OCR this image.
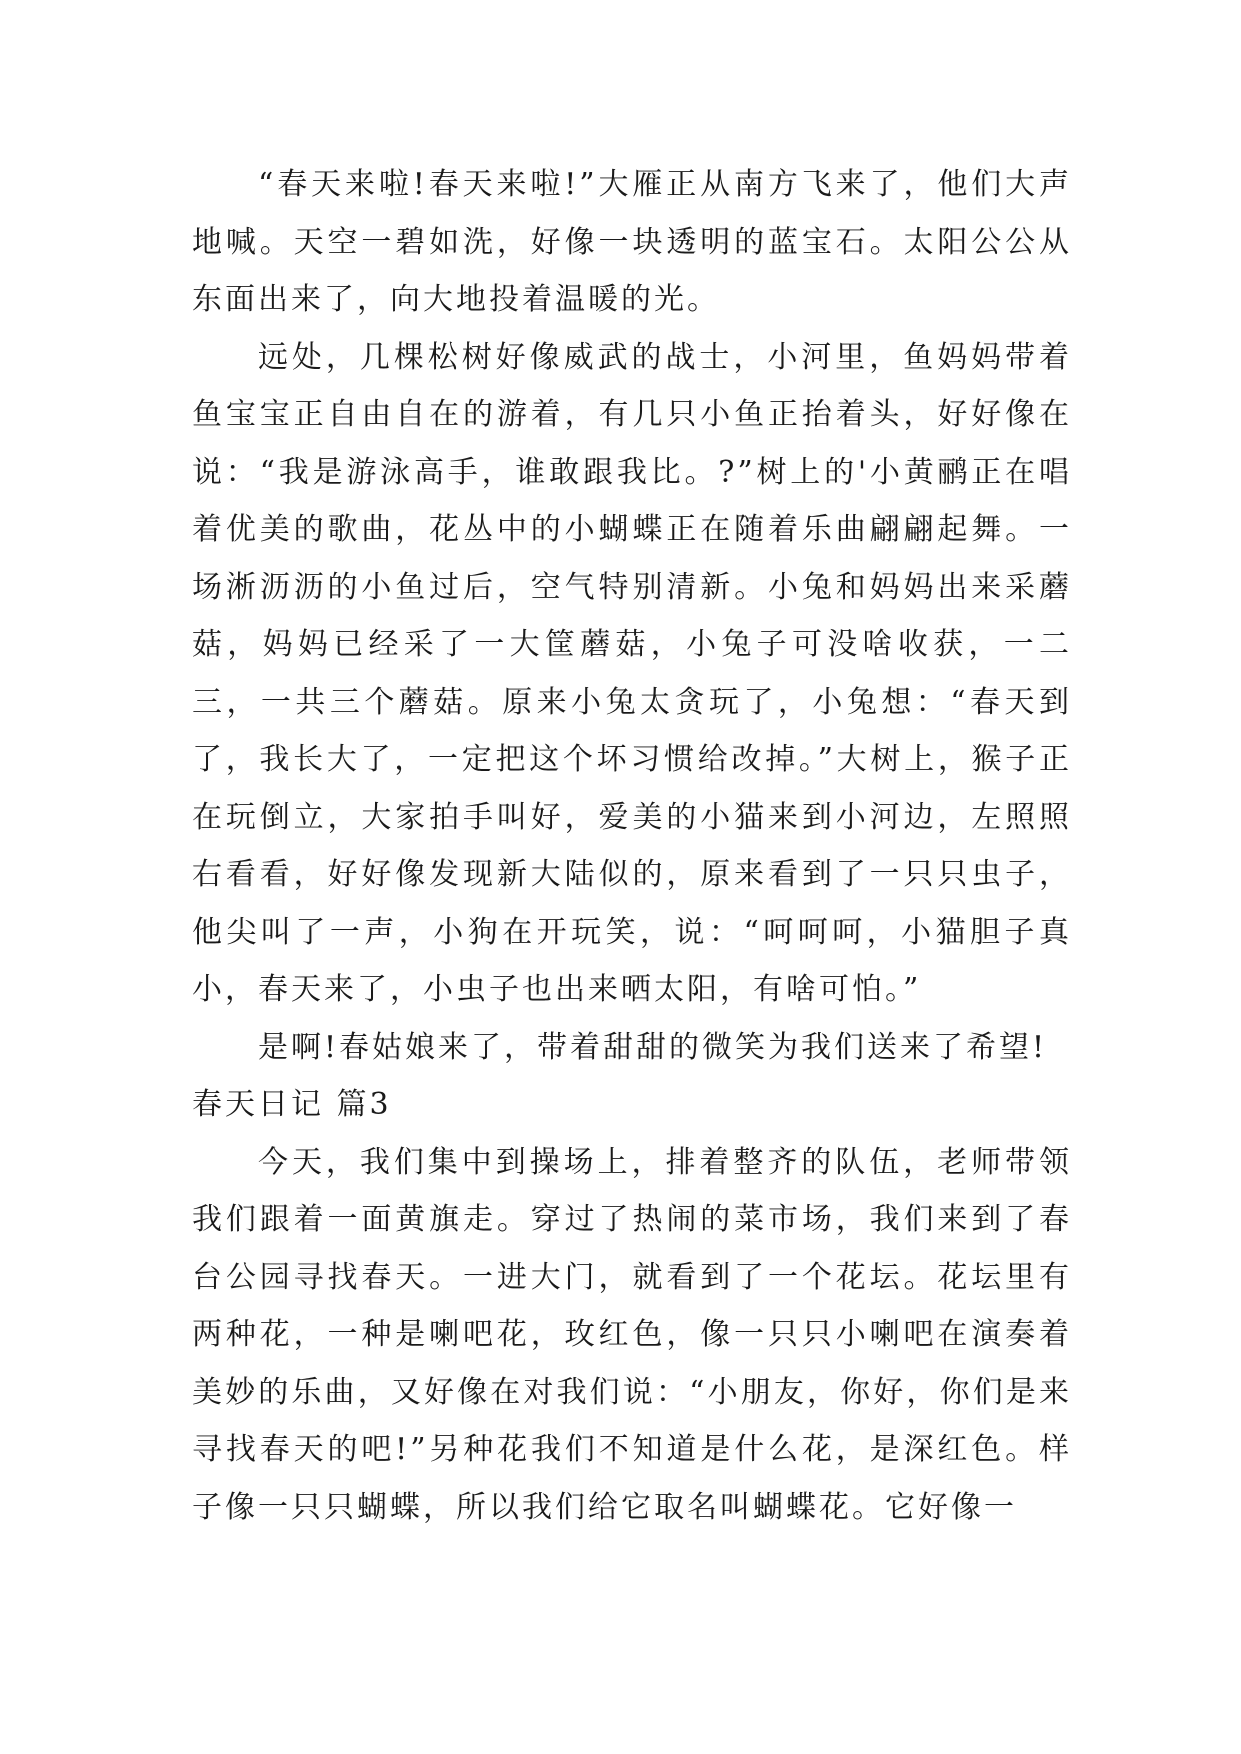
“春天来啦!春天来啦!”大雁正从南方飞来了，他们大声地喊。天空一碧如洗，好像一块透明的蓝宝石。太阳公公从东面出来了，向大地投着温暖的光。

远处，几棵松树好像威武的战士，小河里，鱼妈妈带着鱼宝宝正自由自在的游着，有几只小鱼正抬着头，好好像在说：“我是游泳高手，谁敢跟我比。?”树上的'小黄鹂正在唱着优美的歌曲，花丛中的小蝴蝶正在随着乐曲翩翩起舞。一场淅沥沥的小鱼过后，空气特别清新。小兔和妈妈出来采蘑菇，妈妈已经采了一大筐蘑菇，小兔子可没啥收获，一二三，一共三个蘑菇。原来小兔太贪玩了，小兔想：“春天到了，我长大了，一定把这个坏习惯给改掉。”大树上，猴子正在玩倒立，大家拍手叫好，爱美的小猫来到小河边，左照照右看看，好好像发现新大陆似的，原来看到了一只只虫子，他尖叫了一声，小狗在开玩笑，说：“呵呵呵，小猫胆子真小，春天来了，小虫子也出来晒太阳，有啥可怕。”

是啊!春姑娘来了，带着甜甜的微笑为我们送来了希望!

春天日记 篇3

今天，我们集中到操场上，排着整齐的队伍，老师带领我们跟着一面黄旗走。穿过了热闹的菜市场，我们来到了春台公园寻找春天。一进大门，就看到了一个花坛。花坛里有两种花，一种是喇吧花，玫红色，像一只只小喇吧在演奏着美妙的乐曲，又好像在对我们说：“小朋友，你好，你们是来寻找春天的吧!”另种花我们不知道是什么花，是深红色。样子像一只只蝴蝶，所以我们给它取名叫蝴蝶花。它好像一
